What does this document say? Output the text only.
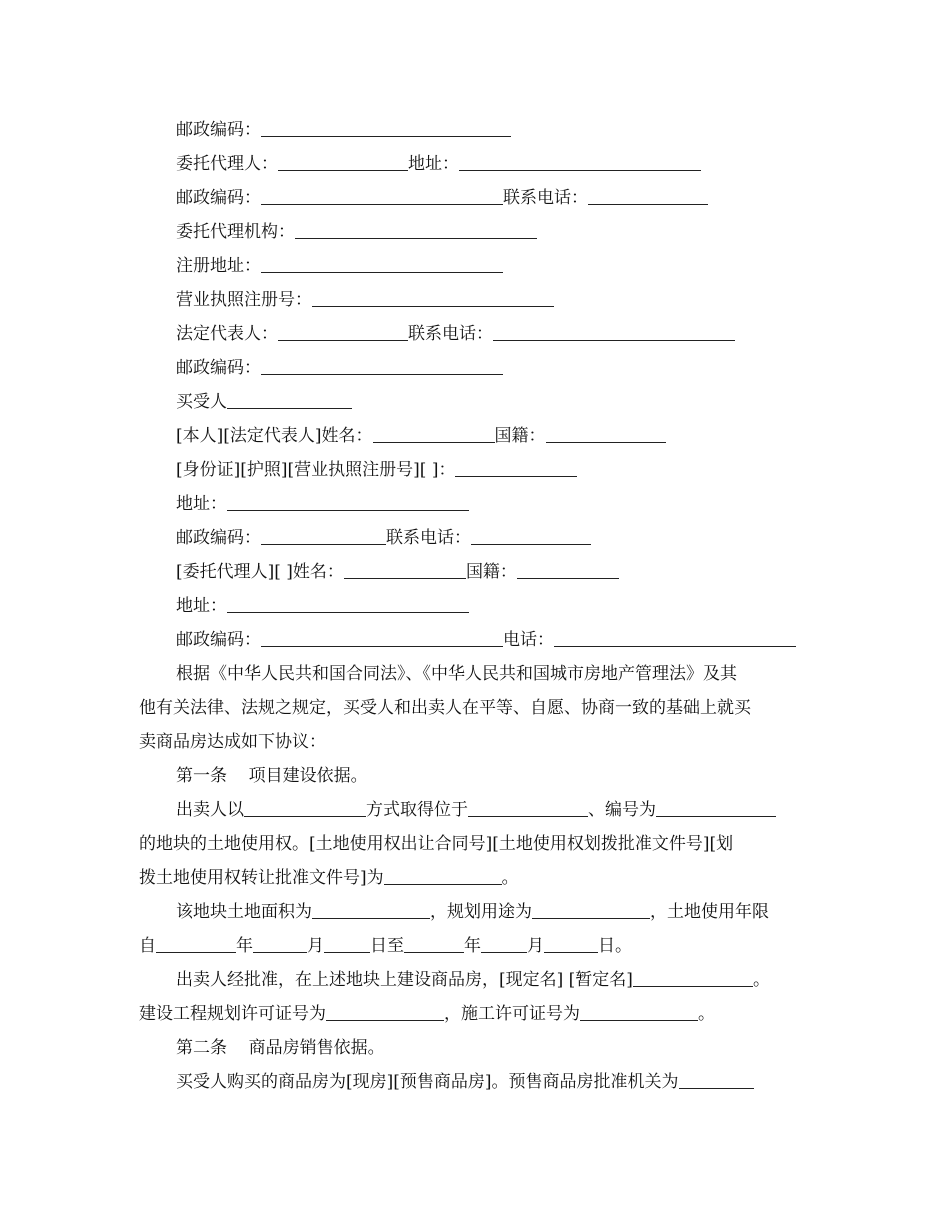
邮政编码：
委托代理人：	地址：
邮政编码：	联系电话：
委托代理机构：
注册地址：
营业执照注册号：
法定代表人：	联系电话：
邮政编码：
买受人
[本人][法定代表人]姓名：	国籍：
[身份证][护照][营业执照注册号][ ]：
地址：
邮政编码：	联系电话：
[委托代理人][ ]姓名：	国籍：
地址：
邮政编码：	电话：
根据《中华人民共和国合同法》、《中华人民共和国城市房地产管理法》及其
他有关法律、法规之规定，买受人和出卖人在平等、自愿、协商一致的基础上就买
卖商品房达成如下协议：
第一条    项目建设依据。
出卖人以	方式取得位于	、编号为
的地块的土地使用权。[土地使用权出让合同号][土地使用权划拨批准文件号][划
拨土地使用权转让批准文件号]为	。
该地块土地面积为	，规划用途为	，土地使用年限
自	年	月	日至	年	月	日。
出卖人经批准，在上述地块上建设商品房，[现定名] [暂定名]	。
建设工程规划许可证号为	，施工许可证号为	。
第二条    商品房销售依据。
买受人购买的商品房为[现房][预售商品房]。预售商品房批准机关为
